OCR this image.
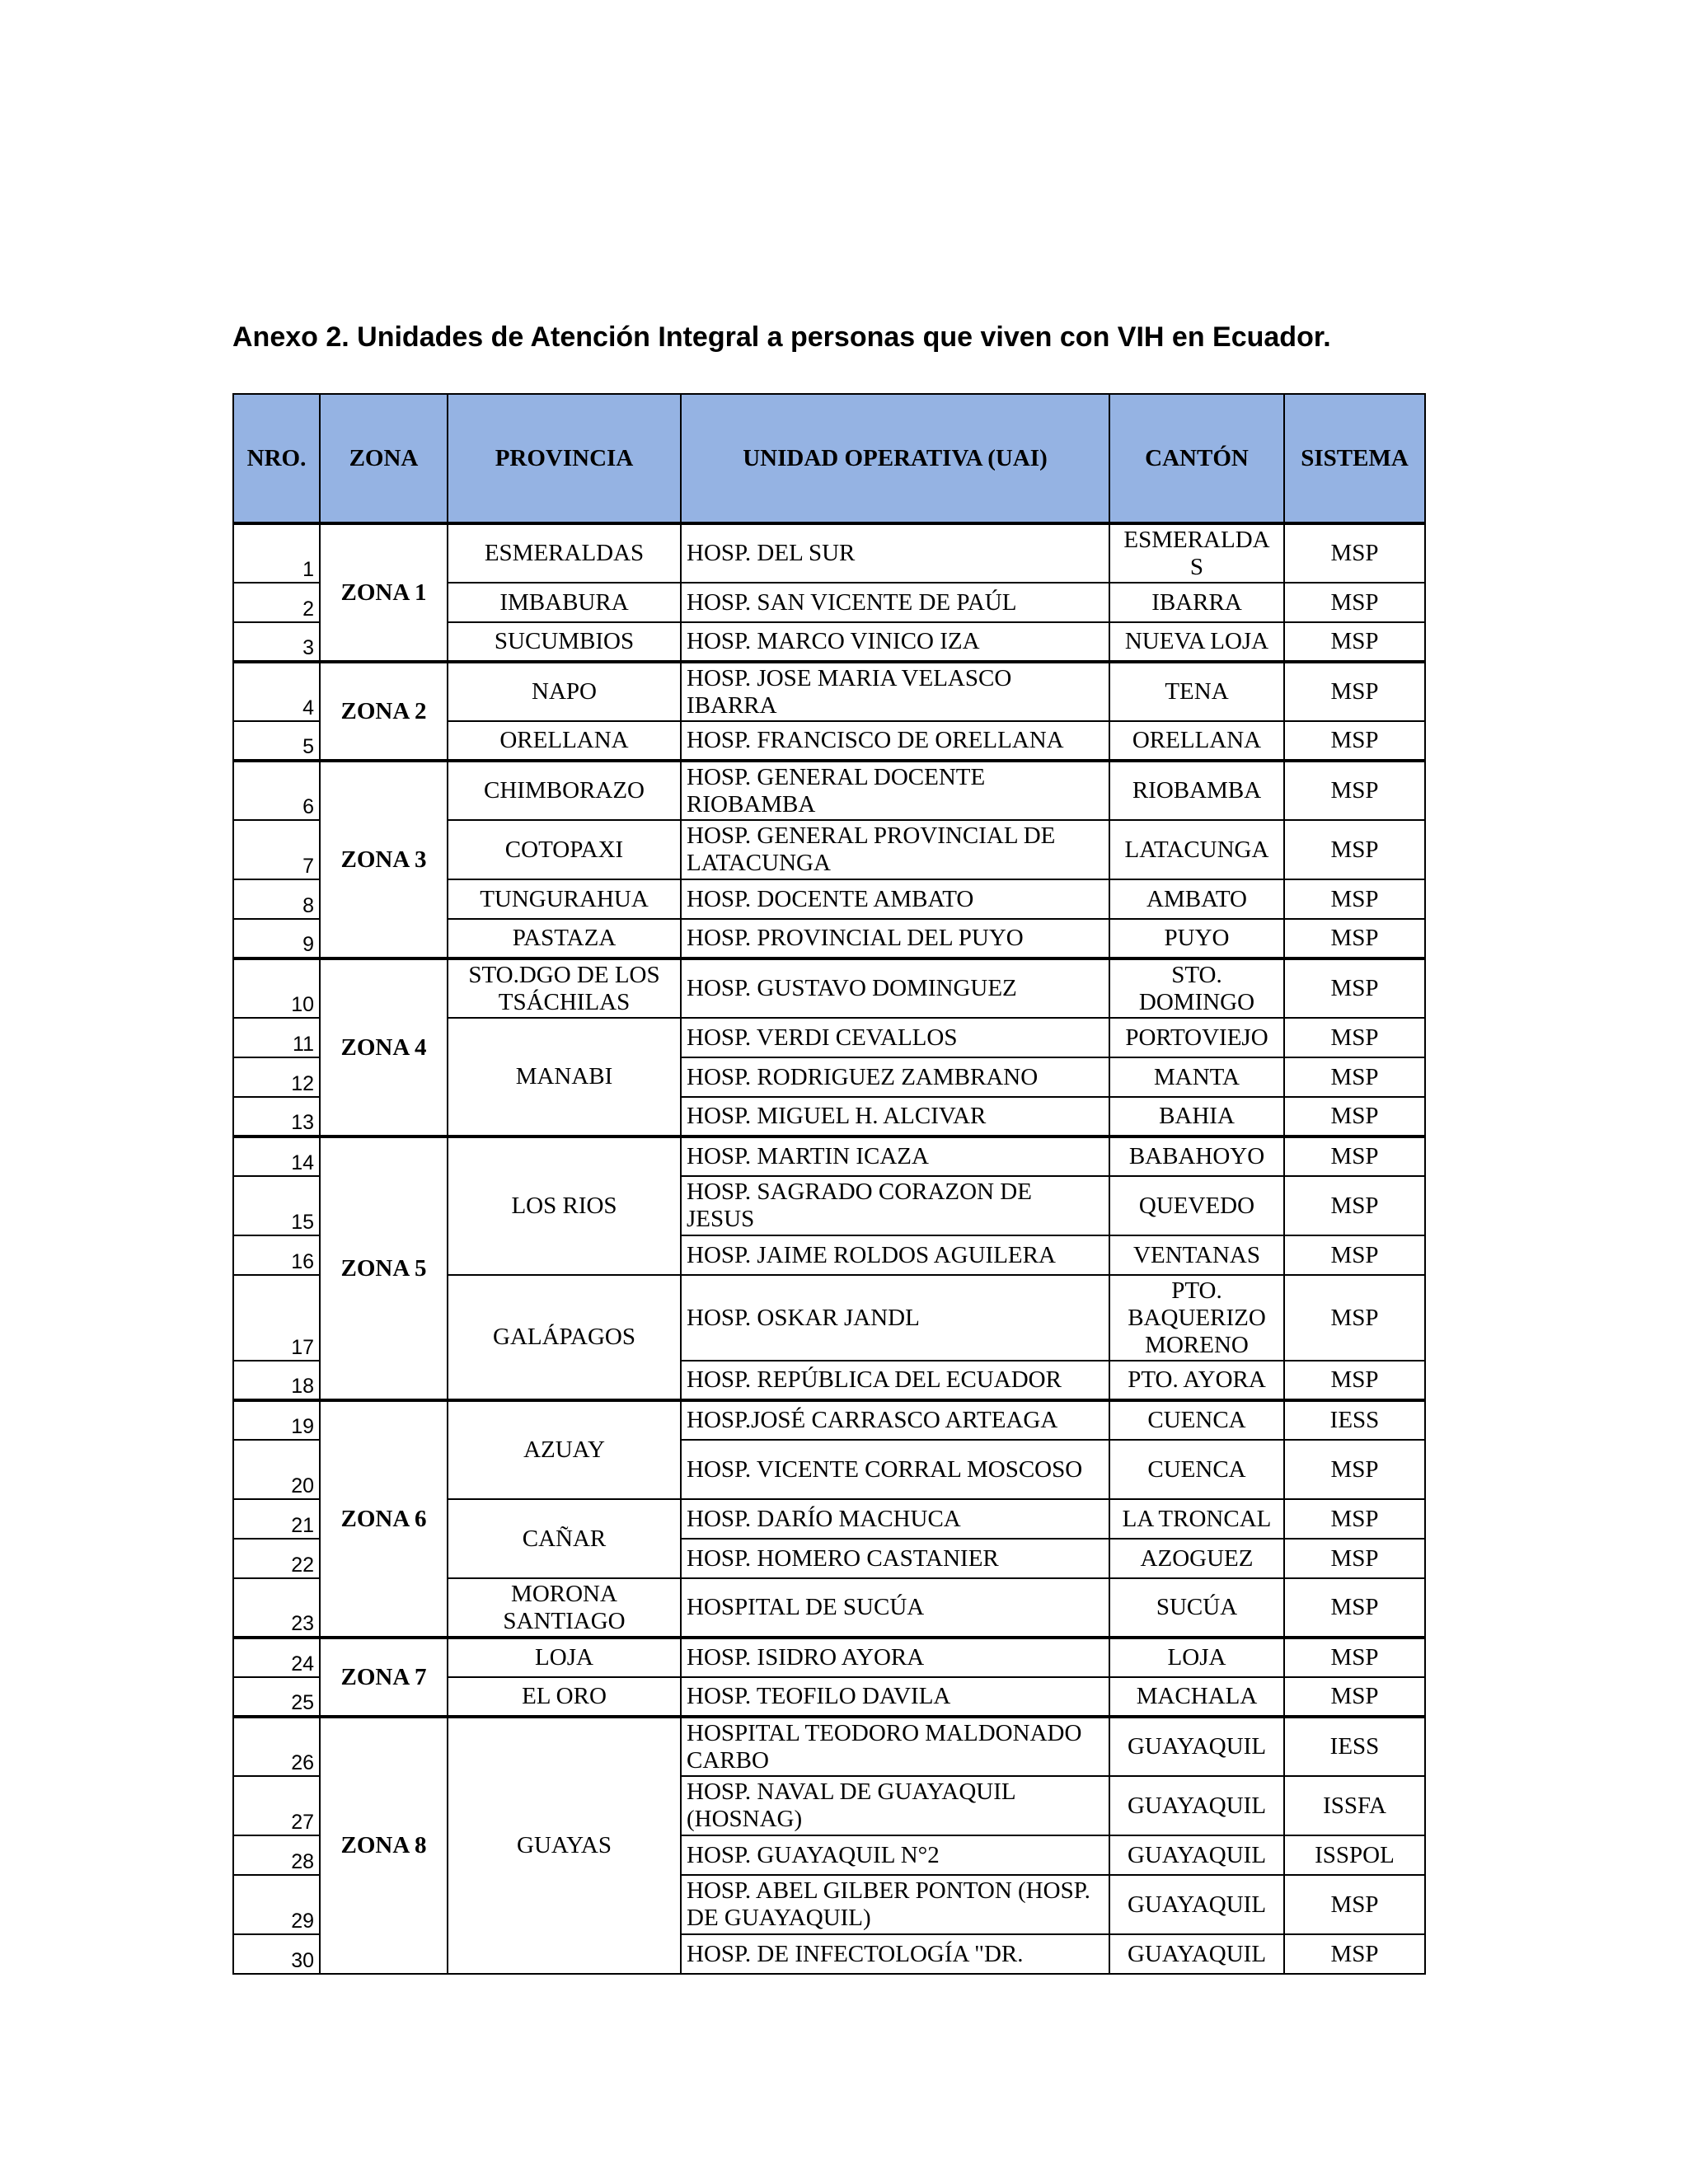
Anexo 2. Unidades de Atención Integral a personas que viven con VIH en Ecuador.
NRO.	ZONA	PROVINCIA	UNIDAD OPERATIVA (UAI)	CANTÓN	SISTEMA
1	ZONA 1	ESMERALDAS	HOSP. DEL SUR	ESMERALDA S	MSP
2		IMBABURA	HOSP. SAN VICENTE DE PAÚL	IBARRA	MSP
3		SUCUMBIOS	HOSP. MARCO VINICO IZA	NUEVA LOJA	MSP
4	ZONA 2	NAPO	HOSP. JOSE MARIA VELASCO IBARRA	TENA	MSP
5		ORELLANA	HOSP. FRANCISCO DE ORELLANA	ORELLANA	MSP
6	ZONA 3	CHIMBORAZO	HOSP. GENERAL DOCENTE RIOBAMBA	RIOBAMBA	MSP
7		COTOPAXI	HOSP. GENERAL PROVINCIAL DE LATACUNGA	LATACUNGA	MSP
8		TUNGURAHUA	HOSP. DOCENTE AMBATO	AMBATO	MSP
9		PASTAZA	HOSP. PROVINCIAL DEL PUYO	PUYO	MSP
10	ZONA 4	STO.DGO DE LOS TSÁCHILAS	HOSP. GUSTAVO DOMINGUEZ	STO. DOMINGO	MSP
11		MANABI	HOSP. VERDI CEVALLOS	PORTOVIEJO	MSP
12			HOSP. RODRIGUEZ ZAMBRANO	MANTA	MSP
13			HOSP. MIGUEL H. ALCIVAR	BAHIA	MSP
14	ZONA 5	LOS RIOS	HOSP. MARTIN ICAZA	BABAHOYO	MSP
15			HOSP. SAGRADO CORAZON DE JESUS	QUEVEDO	MSP
16			HOSP. JAIME ROLDOS AGUILERA	VENTANAS	MSP
17		GALÁPAGOS	HOSP. OSKAR JANDL	PTO. BAQUERIZO MORENO	MSP
18			HOSP. REPÚBLICA DEL ECUADOR	PTO. AYORA	MSP
19	ZONA 6	AZUAY	HOSP.JOSÉ CARRASCO ARTEAGA	CUENCA	IESS
20			HOSP. VICENTE CORRAL MOSCOSO	CUENCA	MSP
21		CAÑAR	HOSP. DARÍO MACHUCA	LA TRONCAL	MSP
22			HOSP. HOMERO CASTANIER	AZOGUEZ	MSP
23		MORONA SANTIAGO	HOSPITAL DE SUCÚA	SUCÚA	MSP
24	ZONA 7	LOJA	HOSP. ISIDRO AYORA	LOJA	MSP
25		EL ORO	HOSP. TEOFILO DAVILA	MACHALA	MSP
26	ZONA 8	GUAYAS	HOSPITAL TEODORO MALDONADO CARBO	GUAYAQUIL	IESS
27			HOSP. NAVAL DE GUAYAQUIL (HOSNAG)	GUAYAQUIL	ISSFA
28			HOSP. GUAYAQUIL N°2	GUAYAQUIL	ISSPOL
29			HOSP. ABEL GILBER PONTON (HOSP. DE GUAYAQUIL)	GUAYAQUIL	MSP
30			HOSP. DE INFECTOLOGÍA "DR.	GUAYAQUIL	MSP
